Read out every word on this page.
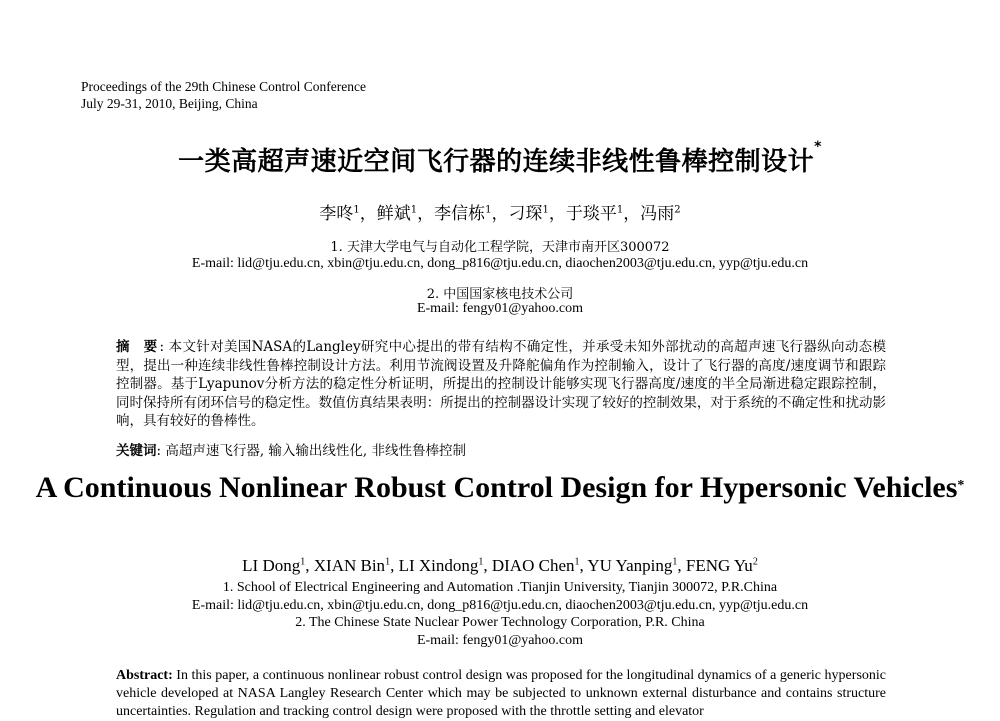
Proceedings of the 29th Chinese Control Conference
July 29-31, 2010, Beijing, China
一类高超声速近空间飞行器的连续非线性鲁棒控制设计*
李咚$^1$，鲜斌$^1$，李信栋$^1$，刁琛$^1$，于琰平$^1$，冯雨$^2$
1. 天津大学电气与自动化工程学院，天津市南开区300072
E-mail: lid@tju.edu.cn, xbin@tju.edu.cn, dong_p816@tju.edu.cn, diaochen2003@tju.edu.cn, yyp@tju.edu.cn
2. 中国国家核电技术公司
E-mail: fengy01@yahoo.com
摘　要 : 本文针对美国NASA的Langley研究中心提出的带有结构不确定性，并承受未知外部扰动的高超声速飞行器纵向动态模型，提出一种连续非线性鲁棒控制设计方法。利用节流阀设置及升降舵偏角作为控制输入，设计了飞行器的高度/速度调节和跟踪控制器。基于Lyapunov分析方法的稳定性分析证明，所提出的控制设计能够实现飞行器高度/速度的半全局渐进稳定跟踪控制，同时保持所有闭环信号的稳定性。数值仿真结果表明：所提出的控制器设计实现了较好的控制效果，对于系统的不确定性和扰动影响，具有较好的鲁棒性。
关键词: 高超声速飞行器, 输入输出线性化, 非线性鲁棒控制
A Continuous Nonlinear Robust Control Design for Hypersonic Vehicles*
LI Dong$^1$, XIAN Bin$^1$, LI Xindong$^1$, DIAO Chen$^1$, YU Yanping$^1$, FENG Yu$^2$
1. School of Electrical Engineering and Automation .Tianjin University, Tianjin 300072, P.R.China
E-mail: lid@tju.edu.cn, xbin@tju.edu.cn, dong_p816@tju.edu.cn, diaochen2003@tju.edu.cn, yyp@tju.edu.cn
2. The Chinese State Nuclear Power Technology Corporation, P.R. China
E-mail: fengy01@yahoo.com
Abstract: In this paper, a continuous nonlinear robust control design was proposed for the longitudinal dynamics of a generic hypersonic vehicle developed at NASA Langley Research Center which may be subjected to unknown external disturbance and contains structure uncertainties. Regulation and tracking control design were proposed with the throttle setting and elevator
